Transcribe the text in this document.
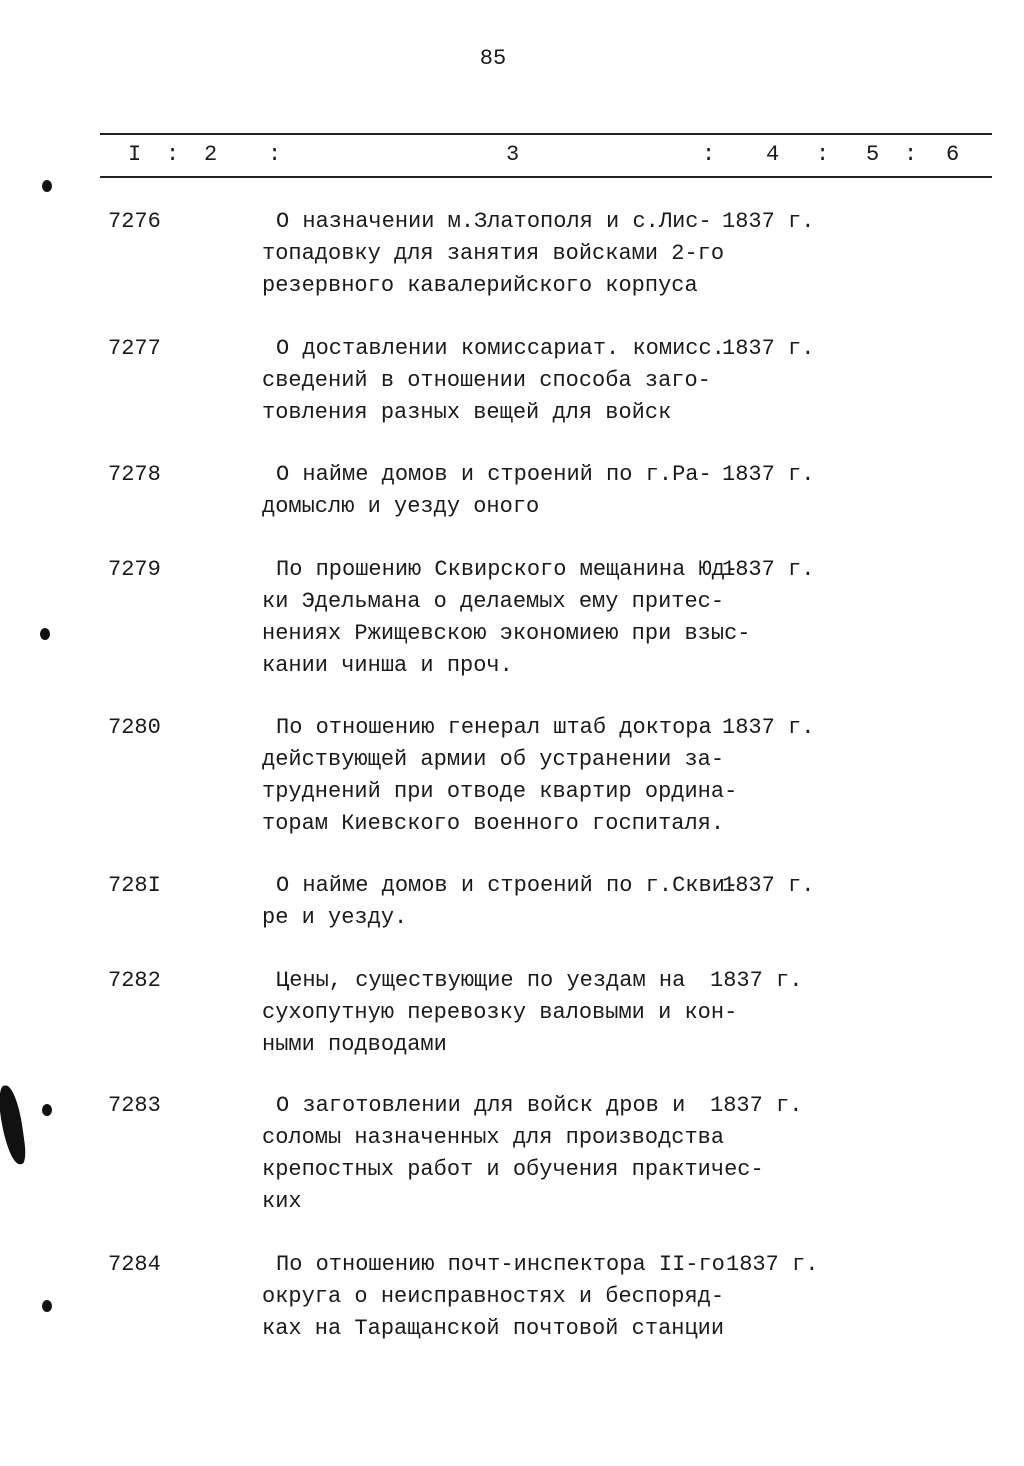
85
I : 2 :	3	: 4 : 5 : 6
7276	О назначении м.Златополя и с.Лис-
топадовку для занятия войсками 2-го
резервного кавалерийского корпуса
1837 г.
7277	О доставлении комиссариат. комисс.
сведений в отношении способа заго-
товления разных вещей для войск
1837 г.
7278	О найме домов и строений по г.Ра-
домыслю и уезду оного
1837 г.
7279	По прошению Сквирского мещанина Юд-
ки Эдельмана о делаемых ему притес-
нениях Ржищевскою экономиею при взыс-
кании чинша и проч.
1837 г.
7280	По отношению генерал штаб доктора
действующей армии об устранении за-
труднений при отводе квартир ордина-
торам Киевского военного госпиталя.
1837 г.
728I	О найме домов и строений по г.Скви-
ре и уезду.
1837 г.
7282	Цены, существующие по уездам на
сухопутную перевозку валовыми и кон-
ными подводами
1837 г.
7283	О заготовлении для войск дров и
соломы назначенных для производства
крепостных работ и обучения практичес-
ких
1837 г.
7284	По отношению почт-инспектора II-го
округа о неисправностях и беспоряд-
ках на Таращанской почтовой станции
1837 г.
